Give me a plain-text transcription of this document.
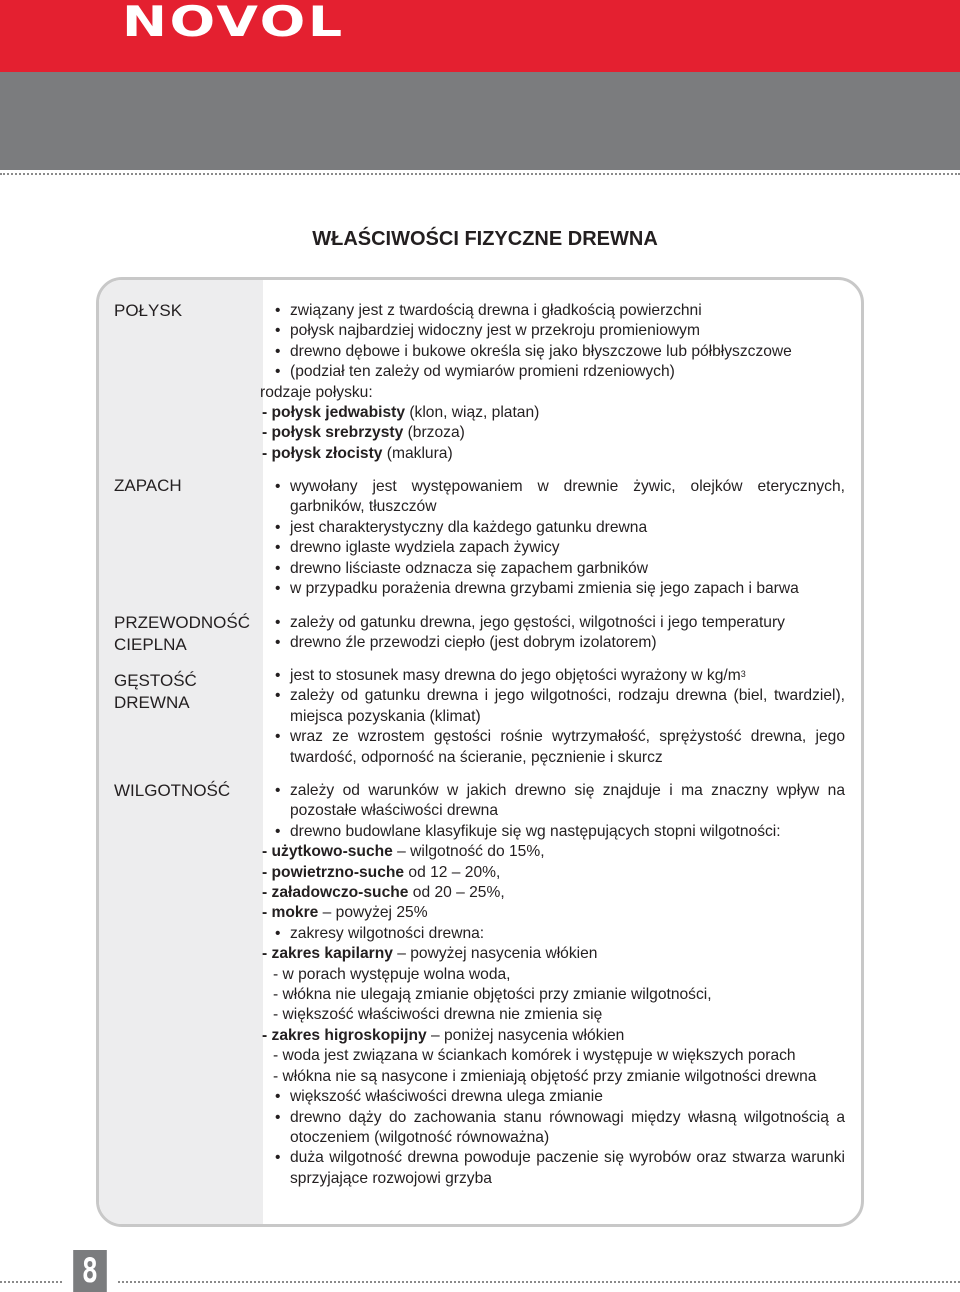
NOVOL
WŁAŚCIWOŚCI FIZYCZNE DREWNA
POŁYSK
ZAPACH
PRZEWODNOŚĆ
CIEPLNA
GĘSTOŚĆ
DREWNA
WILGOTNOŚĆ
• związany jest z twardością drewna i gładkością powierzchni
• połysk najbardziej widoczny jest w przekroju promieniowym
• drewno dębowe i bukowe określa się jako błyszczowe lub półbłyszczowe
• (podział ten zależy od wymiarów promieni rdzeniowych)
rodzaje połysku:
- połysk jedwabisty (klon, wiąz, platan)
- połysk srebrzysty (brzoza)
- połysk złocisty (maklura)
• wywołany jest występowaniem w drewnie żywic, olejków eterycznych, garbników, tłuszczów
• jest charakterystyczny dla każdego gatunku drewna
• drewno iglaste wydziela zapach żywicy
• drewno liściaste odznacza się zapachem garbników
• w przypadku porażenia drewna grzybami zmienia się jego zapach i barwa
• zależy od gatunku drewna, jego gęstości, wilgotności i jego temperatury
• drewno źle przewodzi ciepło (jest dobrym izolatorem)
• jest to stosunek masy drewna do jego objętości wyrażony w $kg/m^3$
• zależy od gatunku drewna i jego wilgotności, rodzaju drewna (biel, twardziel), miejsca pozyskania (klimat)
• wraz ze wzrostem gęstości rośnie wytrzymałość, sprężystość drewna, jego twardość, odporność na ścieranie, pęcznienie i skurcz
• zależy od warunków w jakich drewno się znajduje i ma znaczny wpływ na pozostałe właściwości drewna
• drewno budowlane klasyfikuje się wg następujących stopni wilgotności:
- użytkowo-suche – wilgotność do 15%,
- powietrzno-suche od 12 – 20%,
- załadowczo-suche od 20 – 25%,
- mokre – powyżej 25%
• zakresy wilgotności drewna:
- zakres kapilarny – powyżej nasycenia włókien
- w porach występuje wolna woda,
- włókna nie ulegają zmianie objętości przy zmianie wilgotności,
- większość właściwości drewna nie zmienia się
- zakres higroskopijny – poniżej nasycenia włókien
- woda jest związana w ściankach komórek i występuje w większych porach
- włókna nie są nasycone i zmieniają objętość przy zmianie wilgotności drewna
• większość właściwości drewna ulega zmianie
• drewno dąży do zachowania stanu równowagi między własną wilgotnością a otoczeniem (wilgotność równoważna)
• duża wilgotność drewna powoduje paczenie się wyrobów oraz stwarza warunki sprzyjające rozwojowi grzyba
8
